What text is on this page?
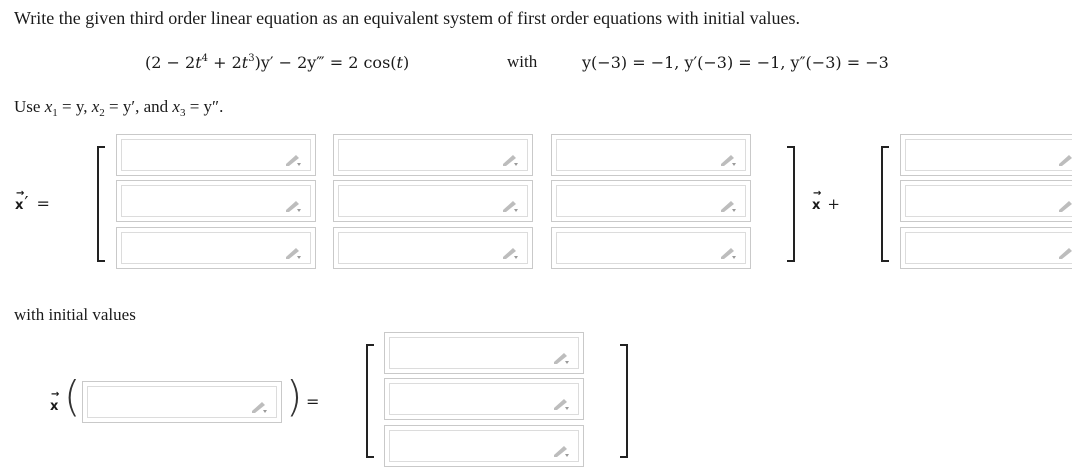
Write the given third order linear equation as an equivalent system of first order equations with initial values.
$(2 - 2t^4 + 2t^3)y'$ − 2y‴ = 2 cos(t)	with	y(−3) = −1, y′(−3) = −1, y″(−3) = −3
Use $x_1 = y$, $x_2 = y'$, and $x_3 = y''$.
→
x′ =
→
x +
with initial values
→
x (	) =
